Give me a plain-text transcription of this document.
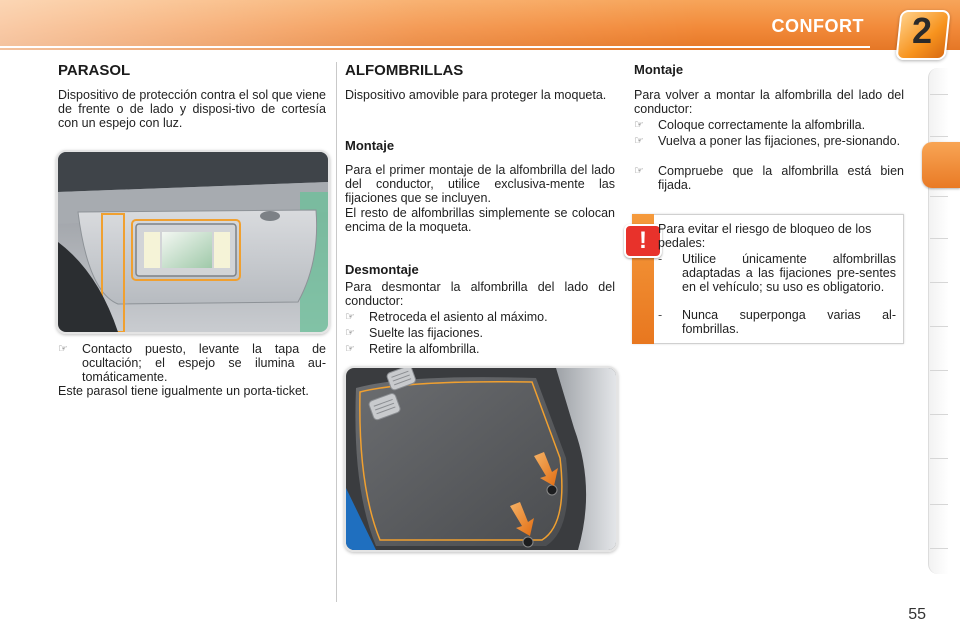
CONFORT 2
PARASOL
Dispositivo de protección contra el sol que viene de frente o de lado y disposi-tivo de cortesía con un espejo con luz.
☞	Contacto puesto, levante la tapa de ocultación; el espejo se ilumina au-tomáticamente.
Este parasol tiene igualmente un porta-ticket.
ALFOMBRILLAS
Dispositivo amovible para proteger la moqueta.
Montaje
Para el primer montaje de la alfombrilla del lado del conductor, utilice exclusiva-mente las fijaciones que se incluyen.
El resto de alfombrillas simplemente se colocan encima de la moqueta.
Desmontaje
Para desmontar la alfombrilla del lado del conductor:
☞	Retroceda el asiento al máximo.
☞	Suelte las fijaciones.
☞	Retire la alfombrilla.
Montaje
Para volver a montar la alfombrilla del lado del conductor:
☞	Coloque correctamente la alfombrilla.
☞	Vuelva a poner las fijaciones, pre-sionando.
☞	Compruebe que la alfombrilla está bien fijada.
! Para evitar el riesgo de bloqueo de los pedales:
-	Utilice únicamente alfombrillas adaptadas a las fijaciones pre-sentes en el vehículo; su uso es obligatorio.
-	Nunca superponga varias al-fombrillas.
55
